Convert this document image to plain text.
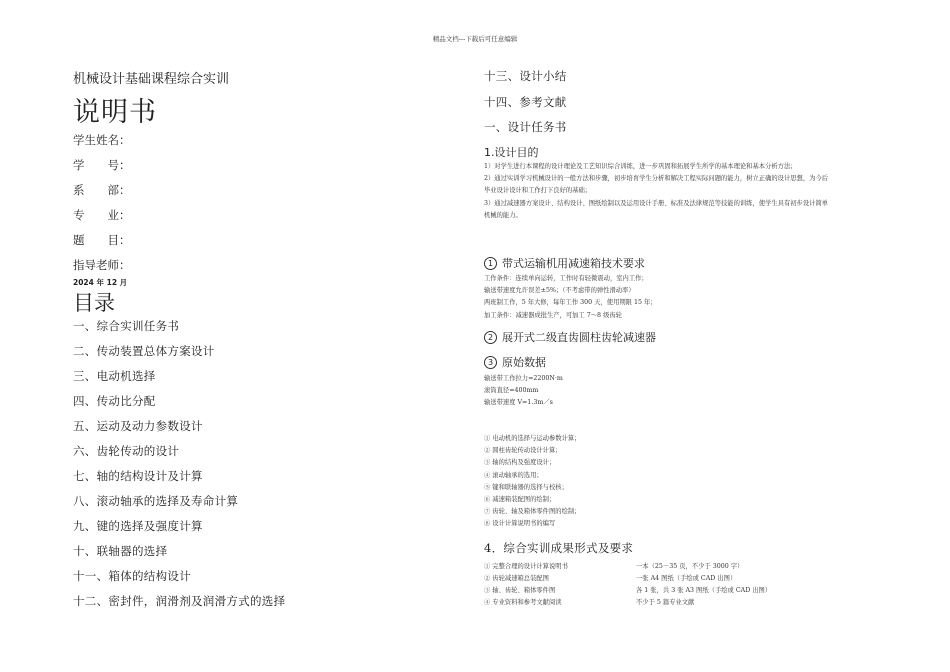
精品文档---下载后可任意编辑
机械设计基础课程综合实训
说明书
学生姓名：
学　　号：
系　　部：
专　　业：
题　　目：
指导老师：
2024 年 12 月
目录
一、综合实训任务书
二、传动装置总体方案设计
三、电动机选择
四、传动比分配
五、运动及动力参数设计
六、齿轮传动的设计
七、轴的结构设计及计算
八、滚动轴承的选择及寿命计算
九、键的选择及强度计算
十、联轴器的选择
十一、箱体的结构设计
十二、密封件，润滑剂及润滑方式的选择
十三、设计小结
十四、参考文献
一、设计任务书
1.设计目的

1）对学生进行本课程的设计理论及工艺知识综合训练，进一步巩固和拓展学生所学的基本理论和基本分析方法；

2）通过实训学习机械设计的一般方法和步骤，初步培育学生分析和解决工程实际问题的能力，树立正确的设计思想，为今后

毕业设计设计和工作打下良好的基础；

3）通过减速器方案设计、结构设计、图纸绘制以及运用设计手册、标准及法律规范等技能的训练，使学生具有初步设计简单

机械的能力。

1 带式运输机用减速箱技术要求

工作条件：连续单向运转，工作时有轻微震动，室内工作；

输送带速度允许误差±5%；（不考虑带的弹性滑动率）

两班制工作，5 年大修，每年工作 300 天，使用期限 15 年；

加工条件：减速器成批生产，可加工 7～8 级齿轮

2 展开式二级直齿圆柱齿轮减速器
3 原始数据

输送带工作拉力=2200N·m

滚筒直径=400mm

输送带速度 V=1.3m／s

① 电动机的选择与运动参数计算；

② 圆柱齿轮传动设计计算；

③ 轴的结构及强度设计；

④ 滚动轴承的选用；

⑤ 键和联轴器的选择与校核；

⑥ 减速箱装配图的绘制；

⑦ 齿轮、轴及箱体零件图的绘制；

⑧ 设计计算说明书的编写

4．综合实训成果形式及要求
① 完整合理的设计计算说明书	一本（25－35 页，不少于 3000 字）
② 齿轮减速箱总装配图	一张 A4 图纸（手绘或 CAD 出图）
③ 轴、齿轮、箱体零件图	各 1 张，共 3 张 A3 图纸（手绘或 CAD 出图）
④ 专业资料和参考文献阅读	不少于 5 篇专业文献
